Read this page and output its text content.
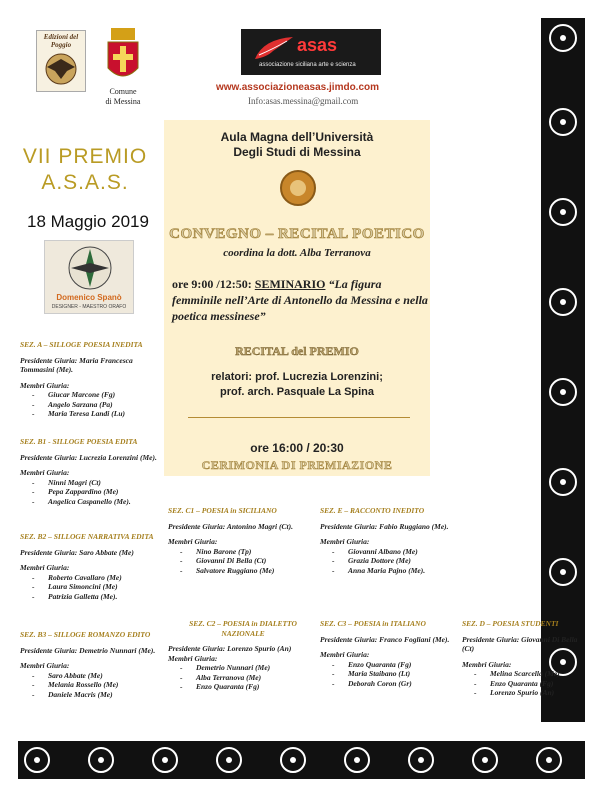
Edizioni del Poggio
Comune
di Messina
asas
associazione siciliana arte e scienza
www.associazioneasas.jimdo.com
Info:asas.messina@gmail.com
VII PREMIO
A.S.A.S.
18 Maggio 2019
Domenico Spanò
DESIGNER - MAESTRO ORAFO
Aula Magna dell’Università
Degli Studi di Messina
CONVEGNO – RECITAL POETICO
coordina la dott. Alba Terranova
ore 9:00 /12:50: SEMINARIO “La figura femminile nell’Arte di Antonello da Messina e nella poetica messinese”
RECITAL del PREMIO
relatori: prof. Lucrezia Lorenzini;
prof. arch. Pasquale La Spina
ore 16:00 / 20:30
CERIMONIA DI PREMIAZIONE
SEZ. A – SILLOGE POESIA INEDITA
Presidente Giuria: Maria Francesca Tommasini (Me).
Membri Giuria:
- Giucar Marcone (Fg)
- Angelo Sarzana (Pa)
- Maria Teresa Landi (Lu)
SEZ. B1 - SILLOGE POESIA EDITA
Presidente Giuria: Lucrezia Lorenzini (Me).
Membri Giuria:
- Ninni Magri (Ct)
- Pepa Zappardino (Me)
- Angelica Caspanello (Me).
SEZ. B2 – SILLOGE NARRATIVA EDITA
Presidente Giuria: Saro Abbate (Me)
Membri Giuria:
- Roberto Cavallaro (Me)
- Laura Simoncini (Me)
- Patrizia Galletta (Me).
SEZ. B3 – SILLOGE ROMANZO EDITO
Presidente Giuria: Demetrio Nunnari (Me).
Membri Giuria:
- Saro Abbate (Me)
- Melania Rossello (Me)
- Daniele Macris (Me)
SEZ. C1 – POESIA in SICILIANO
Presidente Giuria: Antonino Magri (Ct).
Membri Giuria:
- Nino Barone (Tp)
- Giovanni Di Bella (Ct)
- Salvatore Ruggiano (Me)
SEZ. E – RACCONTO INEDITO
Presidente Giuria: Fabio Ruggiano (Me).
Membri Giuria:
- Giovanni Albano (Me)
- Grazia Dottore (Me)
- Anna Maria Pajno (Me).
SEZ. C2 – POESIA in DIALETTO NAZIONALE
Presidente Giuria: Lorenzo Spurio (An)
Membri Giuria:
- Demetrio Nunnari (Me)
- Alba Terranova (Me)
- Enzo Quaranta (Fg)
SEZ. C3 – POESIA in ITALIANO
Presidente Giuria: Franco Fogliani (Me).
Membri Giuria:
- Enzo Quaranta (Fg)
- Maria Staibano (Lt)
- Deborah Coron (Gr)
SEZ. D – POESIA STUDENTI
Presidente Giuria: Giovanni Di Bella (Ct)
Membri Giuria:
- Melina Scarcella (Me)
- Enzo Quaranta (Fg)
- Lorenzo Spurio (An)
